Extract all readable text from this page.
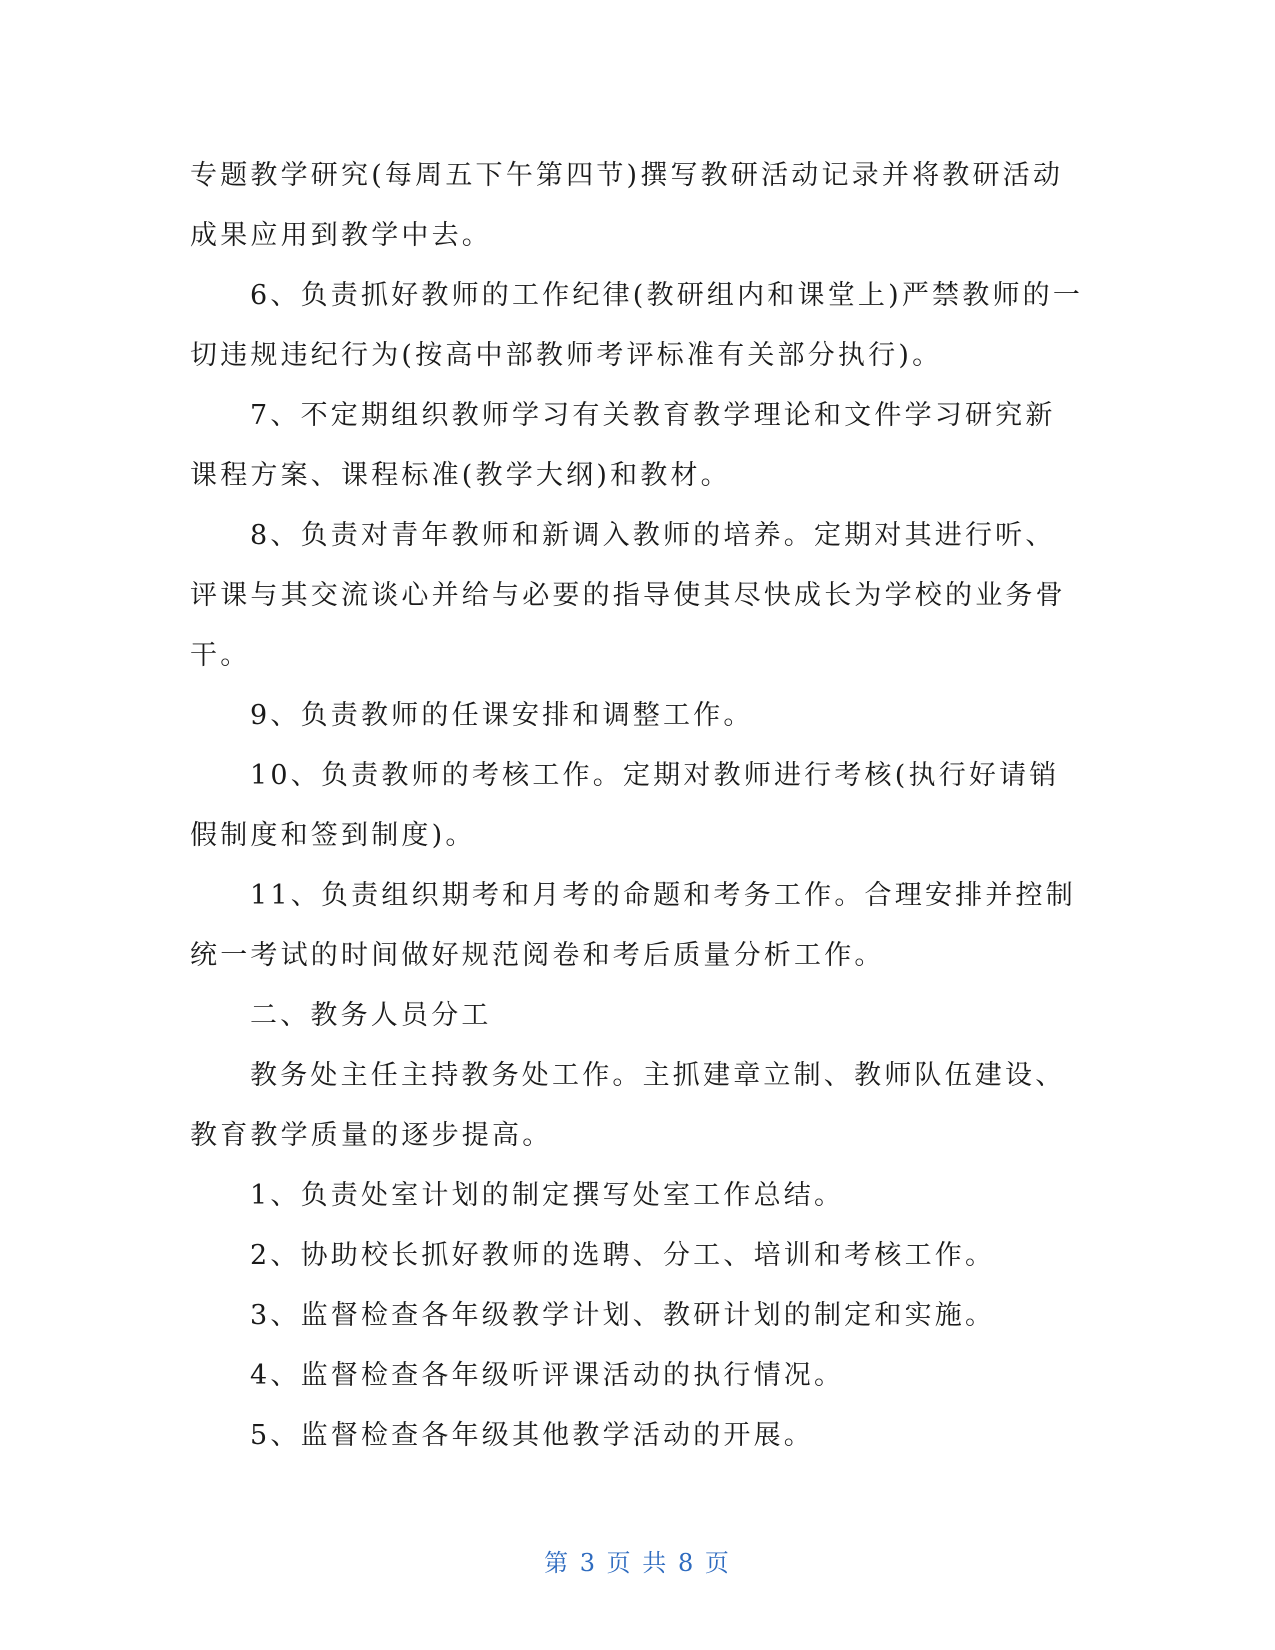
专题教学研究(每周五下午第四节)撰写教研活动记录并将教研活动成果应用到教学中去。

6、负责抓好教师的工作纪律(教研组内和课堂上)严禁教师的一切违规违纪行为(按高中部教师考评标准有关部分执行)。

7、不定期组织教师学习有关教育教学理论和文件学习研究新课程方案、课程标准(教学大纲)和教材。

8、负责对青年教师和新调入教师的培养。定期对其进行听、评课与其交流谈心并给与必要的指导使其尽快成长为学校的业务骨干。

9、负责教师的任课安排和调整工作。

10、负责教师的考核工作。定期对教师进行考核(执行好请销假制度和签到制度)。

11、负责组织期考和月考的命题和考务工作。合理安排并控制统一考试的时间做好规范阅卷和考后质量分析工作。

二、教务人员分工

教务处主任主持教务处工作。主抓建章立制、教师队伍建设、教育教学质量的逐步提高。

1、负责处室计划的制定撰写处室工作总结。

2、协助校长抓好教师的选聘、分工、培训和考核工作。

3、监督检查各年级教学计划、教研计划的制定和实施。

4、监督检查各年级听评课活动的执行情况。

5、监督检查各年级其他教学活动的开展。

第 3 页 共 8 页
